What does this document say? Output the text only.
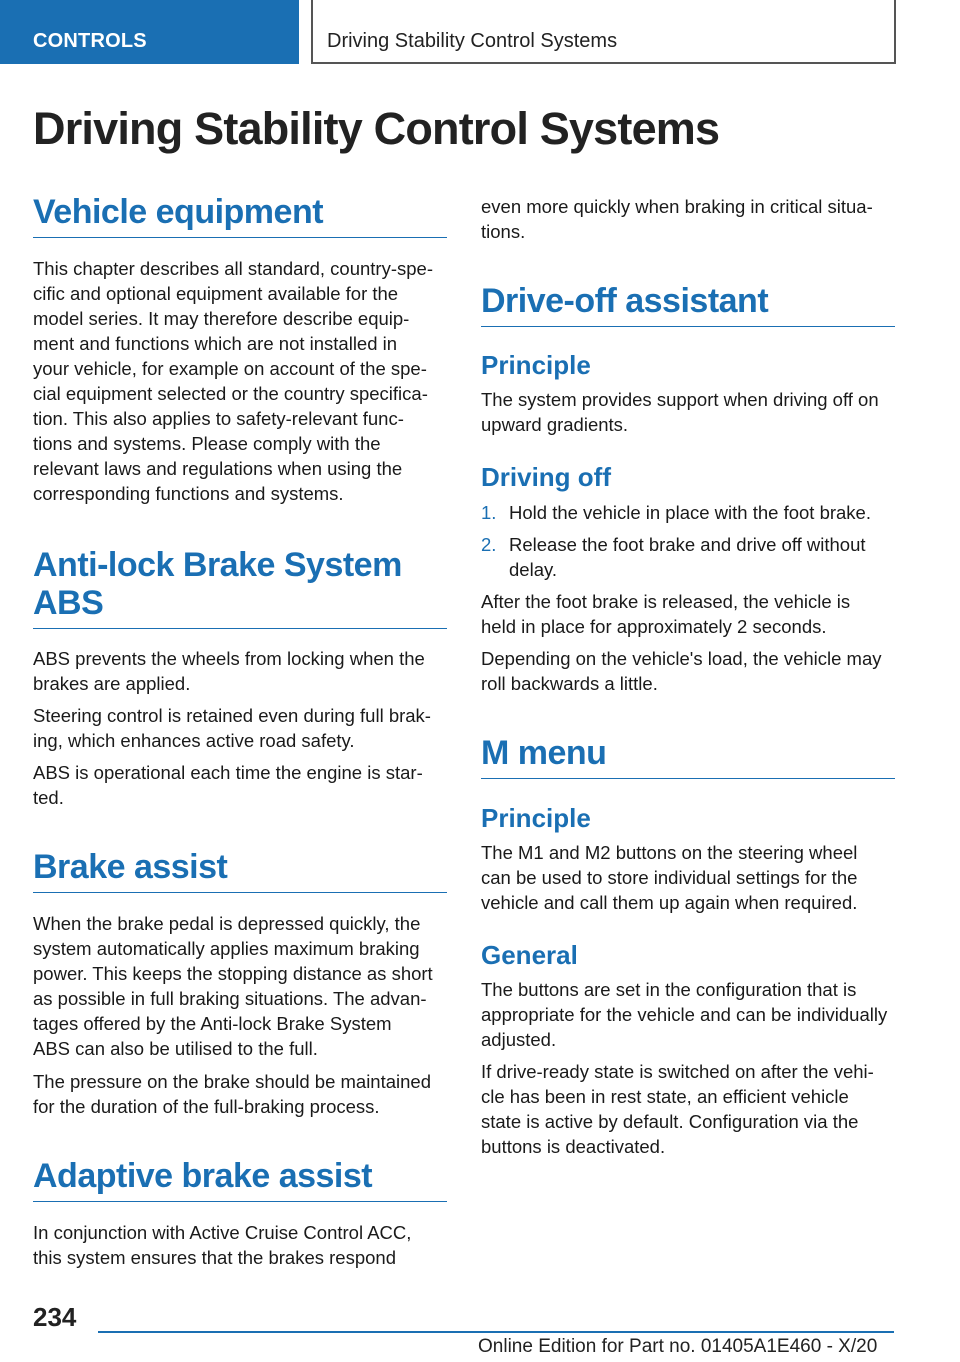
CONTROLS	Driving Stability Control Systems
Driving Stability Control Systems
Vehicle equipment

This chapter describes all standard, country-spe-
cific and optional equipment available for the
model series. It may therefore describe equip-
ment and functions which are not installed in
your vehicle, for example on account of the spe-
cial equipment selected or the country specifica-
tion. This also applies to safety-relevant func-
tions and systems. Please comply with the
relevant laws and regulations when using the
corresponding functions and systems.

Anti-lock Brake System
ABS

ABS prevents the wheels from locking when the
brakes are applied.

Steering control is retained even during full brak-
ing, which enhances active road safety.

ABS is operational each time the engine is star-
ted.

Brake assist

When the brake pedal is depressed quickly, the
system automatically applies maximum braking
power. This keeps the stopping distance as short
as possible in full braking situations. The advan-
tages offered by the Anti-lock Brake System
ABS can also be utilised to the full.

The pressure on the brake should be maintained
for the duration of the full-braking process.

Adaptive brake assist

In conjunction with Active Cruise Control ACC,
this system ensures that the brakes respond

even more quickly when braking in critical situa-
tions.

Drive-off assistant
Principle

The system provides support when driving off on
upward gradients.

Driving off
1. Hold the vehicle in place with the foot brake.
2. Release the foot brake and drive off without
delay.

After the foot brake is released, the vehicle is
held in place for approximately 2 seconds.

Depending on the vehicle's load, the vehicle may
roll backwards a little.

M menu
Principle

The M1 and M2 buttons on the steering wheel
can be used to store individual settings for the
vehicle and call them up again when required.

General

The buttons are set in the configuration that is
appropriate for the vehicle and can be individually
adjusted.

If drive-ready state is switched on after the vehi-
cle has been in rest state, an efficient vehicle
state is active by default. Configuration via the
buttons is deactivated.

234
Online Edition for Part no. 01405A1E460 - X/20
